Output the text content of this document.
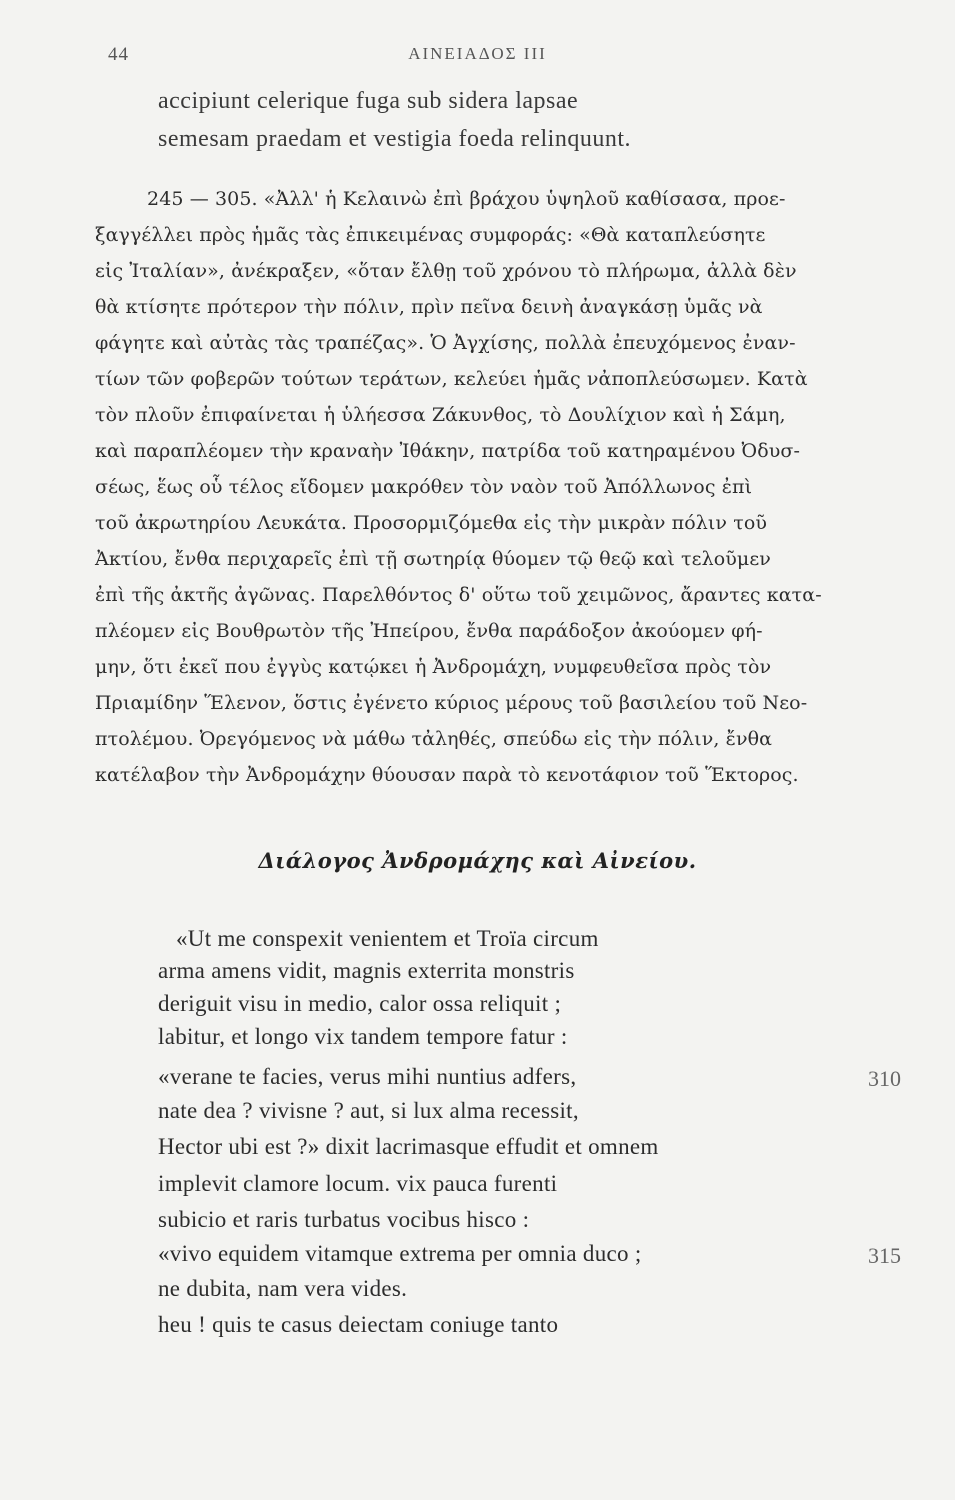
44	ΑΙΝΕΙΑΔΟΣ III
accipiunt celerique fuga sub sidera lapsae
semesam praedam et vestigia foeda relinquunt.
245 — 305. «Ἀλλ' ἡ Κελαινὼ ἐπὶ βράχου ὑψηλοῦ καθίσασα, προε-
ξαγγέλλει πρὸς ἡμᾶς τὰς ἐπικειμένας συμφοράς: «Θὰ καταπλεύσητε
εἰς Ἰταλίαν», ἀνέκραξεν, «ὅταν ἔλθῃ τοῦ χρόνου τὸ πλήρωμα, ἀλλὰ δὲν
θὰ κτίσητε πρότερον τὴν πόλιν, πρὶν πεῖνα δεινὴ ἀναγκάσῃ ὑμᾶς νὰ
φάγητε καὶ αὐτὰς τὰς τραπέζας». Ὁ Ἀγχίσης, πολλὰ ἐπευχόμενος ἐναν-
τίων τῶν φοβερῶν τούτων τεράτων, κελεύει ἡμᾶς νἀποπλεύσωμεν. Κατὰ
τὸν πλοῦν ἐπιφαίνεται ἡ ὑλήεσσα Ζάκυνθος, τὸ Δουλίχιον καὶ ἡ Σάμη,
καὶ παραπλέομεν τὴν κραναὴν Ἰθάκην, πατρίδα τοῦ κατηραμένου Ὀδυσ-
σέως, ἕως οὗ τέλος εἴδομεν μακρόθεν τὸν ναὸν τοῦ Ἀπόλλωνος ἐπὶ
τοῦ ἀκρωτηρίου Λευκάτα. Προσορμιζόμεθα εἰς τὴν μικρὰν πόλιν τοῦ
Ἀκτίου, ἔνθα περιχαρεῖς ἐπὶ τῇ σωτηρίᾳ θύομεν τῷ θεῷ καὶ τελοῦμεν
ἐπὶ τῆς ἀκτῆς ἀγῶνας. Παρελθόντος δ' οὕτω τοῦ χειμῶνος, ἄραντες κατα-
πλέομεν εἰς Βουθρωτὸν τῆς Ἠπείρου, ἔνθα παράδοξον ἀκούομεν φή-
μην, ὅτι ἐκεῖ που ἐγγὺς κατῴκει ἡ Ἀνδρομάχη, νυμφευθεῖσα πρὸς τὸν
Πριαμίδην Ἕλενον, ὅστις ἐγένετο κύριος μέρους τοῦ βασιλείου τοῦ Νεο-
πτολέμου. Ὀρεγόμενος νὰ μάθω τἀληθές, σπεύδω εἰς τὴν πόλιν, ἔνθα
κατέλαβον τὴν Ἀνδρομάχην θύουσαν παρὰ τὸ κενοτάφιον τοῦ Ἕκτορος.
Διάλογος Ἀνδρομάχης καὶ Αἰνείου.
«Ut me conspexit venientem et Troïa circum
arma amens vidit, magnis exterrita monstris
deriguit visu in medio, calor ossa reliquit ;
labitur, et longo vix tandem tempore fatur :
«verane te facies, verus mihi nuntius adfers,
nate dea ? vivisne ? aut, si lux alma recessit,
Hector ubi est ?» dixit lacrimasque effudit et omnem
implevit clamore locum. vix pauca furenti
subicio et raris turbatus vocibus hisco :
«vivo equidem vitamque extrema per omnia duco ;
ne dubita, nam vera vides.
heu ! quis te casus deiectam coniuge tanto
310
315
